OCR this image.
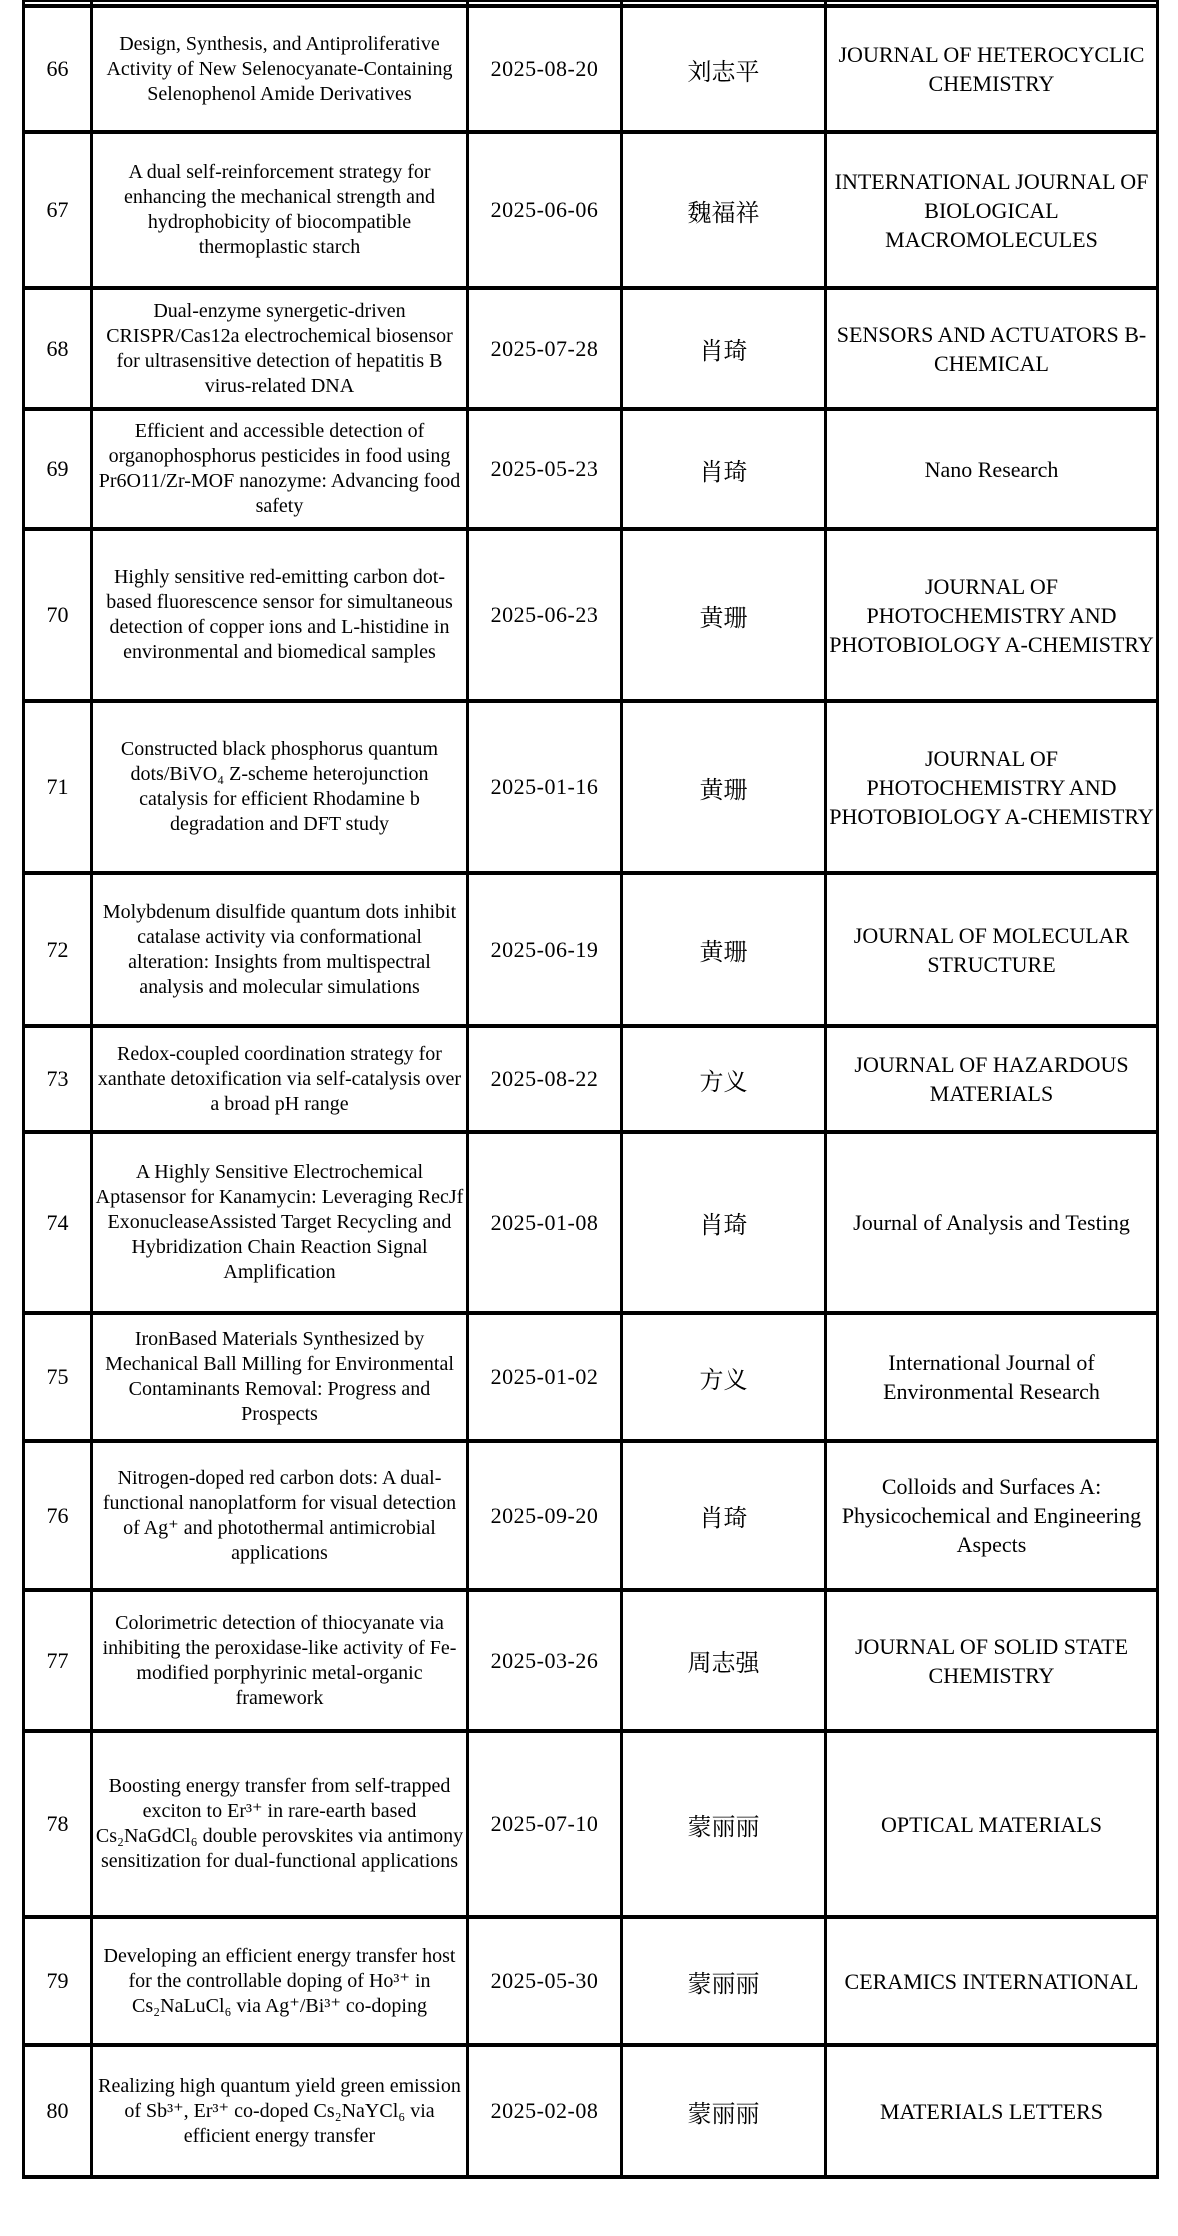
66	Design, Synthesis, and Antiproliferative Activity of New Selenocyanate-Containing Selenophenol Amide Derivatives	2025-08-20	刘志平	JOURNAL OF HETEROCYCLIC CHEMISTRY
67	A dual self-reinforcement strategy for enhancing the mechanical strength and hydrophobicity of biocompatible thermoplastic starch	2025-06-06	魏福祥	INTERNATIONAL JOURNAL OF BIOLOGICAL MACROMOLECULES
68	Dual-enzyme synergetic-driven CRISPR/Cas12a electrochemical biosensor for ultrasensitive detection of hepatitis B virus-related DNA	2025-07-28	肖琦	SENSORS AND ACTUATORS B-CHEMICAL
69	Efficient and accessible detection of organophosphorus pesticides in food using Pr6O11/Zr-MOF nanozyme: Advancing food safety	2025-05-23	肖琦	Nano Research
70	Highly sensitive red-emitting carbon dot-based fluorescence sensor for simultaneous detection of copper ions and L-histidine in environmental and biomedical samples	2025-06-23	黄珊	JOURNAL OF PHOTOCHEMISTRY AND PHOTOBIOLOGY A-CHEMISTRY
71	Constructed black phosphorus quantum dots/BiVO₄ Z-scheme heterojunction catalysis for efficient Rhodamine b degradation and DFT study	2025-01-16	黄珊	JOURNAL OF PHOTOCHEMISTRY AND PHOTOBIOLOGY A-CHEMISTRY
72	Molybdenum disulfide quantum dots inhibit catalase activity via conformational alteration: Insights from multispectral analysis and molecular simulations	2025-06-19	黄珊	JOURNAL OF MOLECULAR STRUCTURE
73	Redox-coupled coordination strategy for xanthate detoxification via self-catalysis over a broad pH range	2025-08-22	方义	JOURNAL OF HAZARDOUS MATERIALS
74	A Highly Sensitive Electrochemical Aptasensor for Kanamycin: Leveraging RecJf ExonucleaseAssisted Target Recycling and Hybridization Chain Reaction Signal Amplification	2025-01-08	肖琦	Journal of Analysis and Testing
75	IronBased Materials Synthesized by Mechanical Ball Milling for Environmental Contaminants Removal: Progress and Prospects	2025-01-02	方义	International Journal of Environmental Research
76	Nitrogen-doped red carbon dots: A dual-functional nanoplatform for visual detection of Ag⁺ and photothermal antimicrobial applications	2025-09-20	肖琦	Colloids and Surfaces A: Physicochemical and Engineering Aspects
77	Colorimetric detection of thiocyanate via inhibiting the peroxidase-like activity of Fe-modified porphyrinic metal-organic framework	2025-03-26	周志强	JOURNAL OF SOLID STATE CHEMISTRY
78	Boosting energy transfer from self-trapped exciton to Er³⁺ in rare-earth based Cs₂NaGdCl₆ double perovskites via antimony sensitization for dual-functional applications	2025-07-10	蒙丽丽	OPTICAL MATERIALS
79	Developing an efficient energy transfer host for the controllable doping of Ho³⁺ in Cs₂NaLuCl₆ via Ag⁺/Bi³⁺ co-doping	2025-05-30	蒙丽丽	CERAMICS INTERNATIONAL
80	Realizing high quantum yield green emission of Sb³⁺, Er³⁺ co-doped Cs₂NaYCl₆ via efficient energy transfer	2025-02-08	蒙丽丽	MATERIALS LETTERS
